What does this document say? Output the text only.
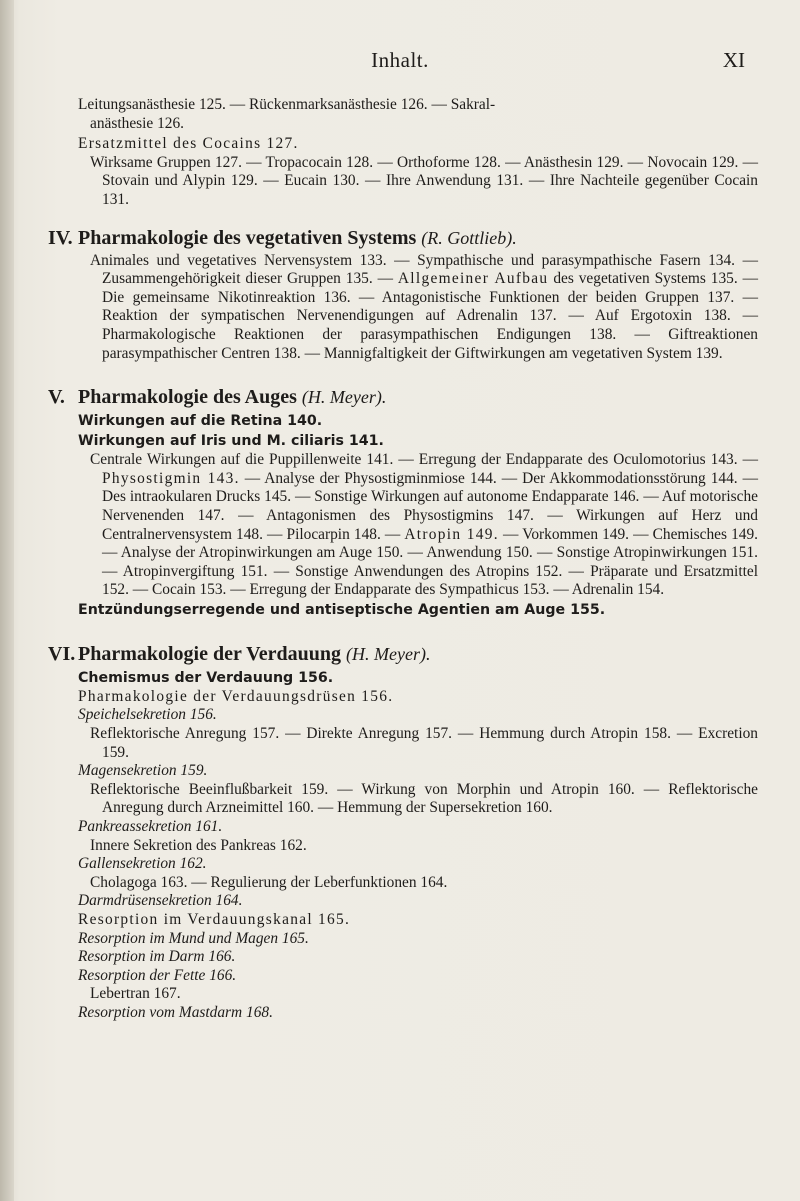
Inhalt.	XI
Leitungsanästhesie 125. — Rückenmarksanästhesie 126. — Sakral-
anästhesie 126.
Ersatzmittel des Cocains 127.
Wirksame Gruppen 127. — Tropacocain 128. — Orthoforme 128. — Anästhesin 129. — Novocain 129. — Stovain und Alypin 129. — Eucain 130. — Ihre Anwendung 131. — Ihre Nachteile gegenüber Cocain 131.
IV. Pharmakologie des vegetativen Systems (R. Gottlieb).
Animales und vegetatives Nervensystem 133. — Sympathische und parasympathische Fasern 134. — Zusammengehörigkeit dieser Gruppen 135. — Allgemeiner Aufbau des vegetativen Systems 135. — Die gemeinsame Nikotinreaktion 136. — Antagonistische Funktionen der beiden Gruppen 137. — Reaktion der sympatischen Nervenendigungen auf Adrenalin 137. — Auf Ergotoxin 138. — Pharmakologische Reaktionen der parasympathischen Endigungen 138. — Giftreaktionen parasympathischer Centren 138. — Mannigfaltigkeit der Giftwirkungen am vegetativen System 139.
V. Pharmakologie des Auges (H. Meyer).
Wirkungen auf die Retina 140.
Wirkungen auf Iris und M. ciliaris 141.
Centrale Wirkungen auf die Puppillenweite 141. — Erregung der Endapparate des Oculomotorius 143. — Physostigmin 143. — Analyse der Physostigminmiose 144. — Der Akkommodationsstörung 144. — Des intraokularen Drucks 145. — Sonstige Wirkungen auf autonome Endapparate 146. — Auf motorische Nervenenden 147. — Antagonismen des Physostigmins 147. — Wirkungen auf Herz und Centralnervensystem 148. — Pilocarpin 148. — Atropin 149. — Vorkommen 149. — Chemisches 149. — Analyse der Atropinwirkungen am Auge 150. — Anwendung 150. — Sonstige Atropinwirkungen 151. — Atropinvergiftung 151. — Sonstige Anwendungen des Atropins 152. — Präparate und Ersatzmittel 152. — Cocain 153. — Erregung der Endapparate des Sympathicus 153. — Adrenalin 154.
Entzündungserregende und antiseptische Agentien am Auge 155.
VI. Pharmakologie der Verdauung (H. Meyer).
Chemismus der Verdauung 156.
Pharmakologie der Verdauungsdrüsen 156.
Speichelsekretion 156.
Reflektorische Anregung 157. — Direkte Anregung 157. — Hemmung durch Atropin 158. — Excretion 159.
Magensekretion 159.
Reflektorische Beeinflußbarkeit 159. — Wirkung von Morphin und Atropin 160. — Reflektorische Anregung durch Arzneimittel 160. — Hemmung der Supersekretion 160.
Pankreassekretion 161.
Innere Sekretion des Pankreas 162.
Gallensekretion 162.
Cholagoga 163. — Regulierung der Leberfunktionen 164.
Darmdrüsensekretion 164.
Resorption im Verdauungskanal 165.
Resorption im Mund und Magen 165.
Resorption im Darm 166.
Resorption der Fette 166.
Lebertran 167.
Resorption vom Mastdarm 168.
